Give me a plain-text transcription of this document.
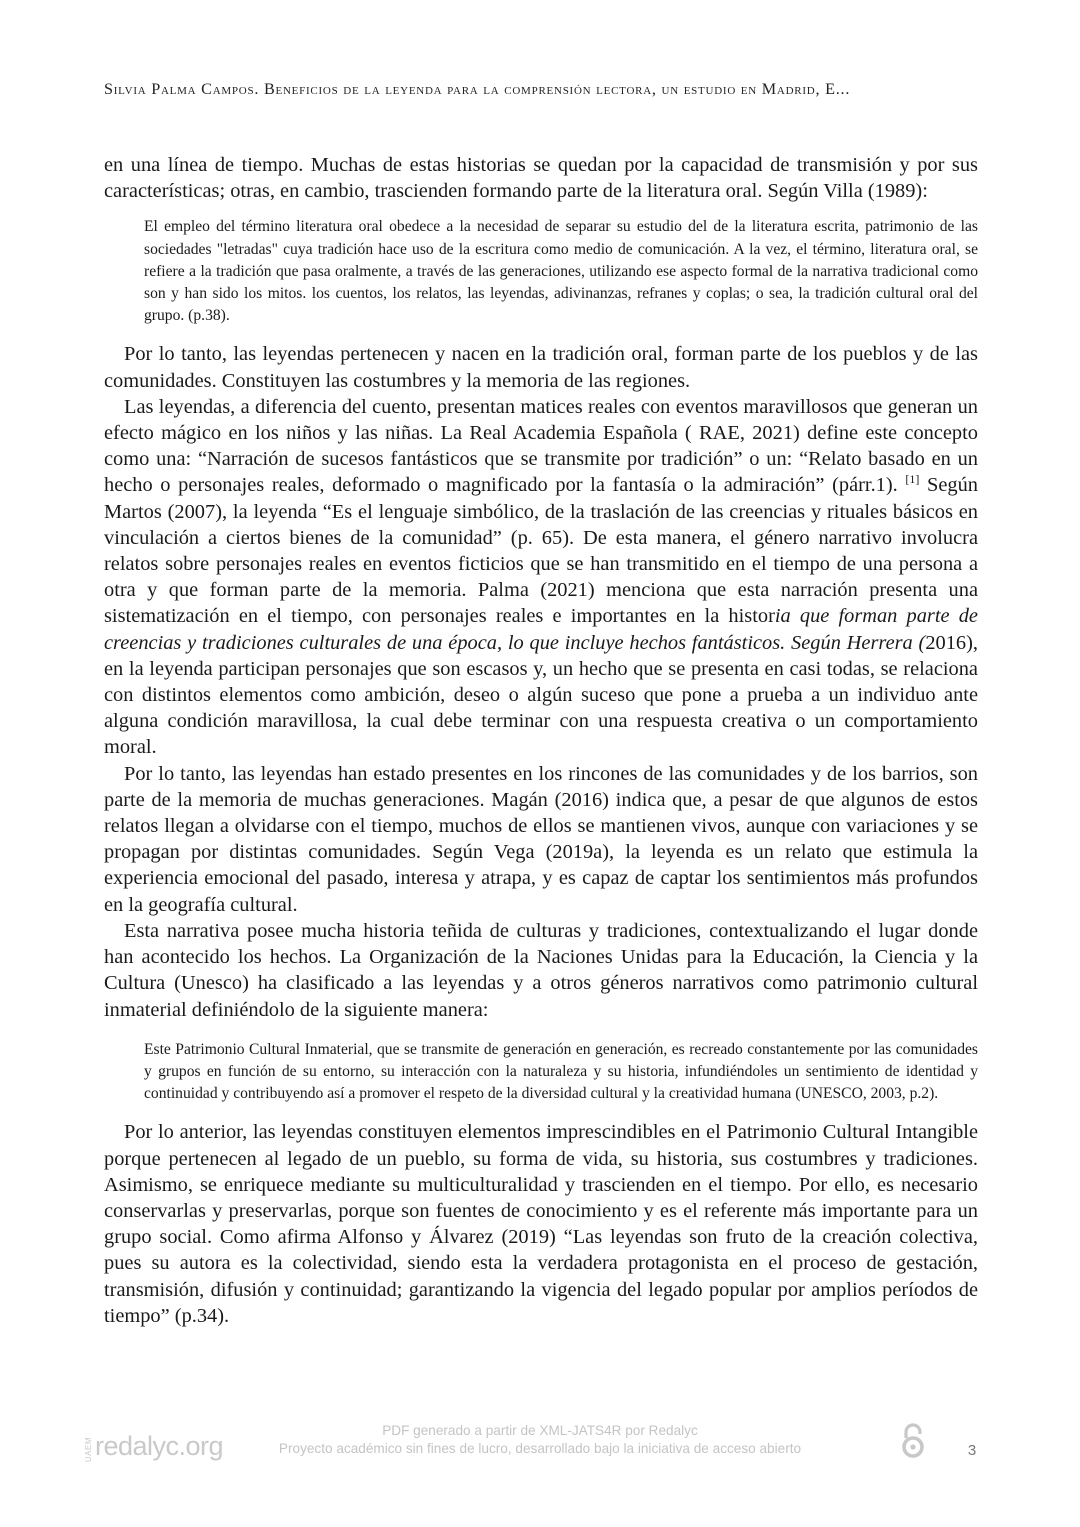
Silvia Palma Campos. Beneficios de la leyenda para la comprensión lectora, un estudio en Madrid, E...

en una línea de tiempo. Muchas de estas historias se quedan por la capacidad de transmisión y por sus características; otras, en cambio, trascienden formando parte de la literatura oral. Según Villa (1989):

El empleo del término literatura oral obedece a la necesidad de separar su estudio del de la literatura escrita, patrimonio de las sociedades "letradas" cuya tradición hace uso de la escritura como medio de comunicación. A la vez, el término, literatura oral, se refiere a la tradición que pasa oralmente, a través de las generaciones, utilizando ese aspecto formal de la narrativa tradicional como son y han sido los mitos. los cuentos, los relatos, las leyendas, adivinanzas, refranes y coplas; o sea, la tradición cultural oral del grupo. (p.38).

Por lo tanto, las leyendas pertenecen y nacen en la tradición oral, forman parte de los pueblos y de las comunidades. Constituyen las costumbres y la memoria de las regiones.

Las leyendas, a diferencia del cuento, presentan matices reales con eventos maravillosos que generan un efecto mágico en los niños y las niñas. La Real Academia Española ( RAE, 2021) define este concepto como una: “Narración de sucesos fantásticos que se transmite por tradición” o un: “Relato basado en un hecho o personajes reales, deformado o magnificado por la fantasía o la admiración” (párr.1). [1] Según Martos (2007), la leyenda “Es el lenguaje simbólico, de la traslación de las creencias y rituales básicos en vinculación a ciertos bienes de la comunidad” (p. 65). De esta manera, el género narrativo involucra relatos sobre personajes reales en eventos ficticios que se han transmitido en el tiempo de una persona a otra y que forman parte de la memoria. Palma (2021) menciona que esta narración presenta una sistematización en el tiempo, con personajes reales e importantes en la historia que forman parte de creencias y tradiciones culturales de una época, lo que incluye hechos fantásticos. Según Herrera (2016), en la leyenda participan personajes que son escasos y, un hecho que se presenta en casi todas, se relaciona con distintos elementos como ambición, deseo o algún suceso que pone a prueba a un individuo ante alguna condición maravillosa, la cual debe terminar con una respuesta creativa o un comportamiento moral.

Por lo tanto, las leyendas han estado presentes en los rincones de las comunidades y de los barrios, son parte de la memoria de muchas generaciones. Magán (2016) indica que, a pesar de que algunos de estos relatos llegan a olvidarse con el tiempo, muchos de ellos se mantienen vivos, aunque con variaciones y se propagan por distintas comunidades. Según Vega (2019a), la leyenda es un relato que estimula la experiencia emocional del pasado, interesa y atrapa, y es capaz de captar los sentimientos más profundos en la geografía cultural.

Esta narrativa posee mucha historia teñida de culturas y tradiciones, contextualizando el lugar donde han acontecido los hechos. La Organización de la Naciones Unidas para la Educación, la Ciencia y la Cultura (Unesco) ha clasificado a las leyendas y a otros géneros narrativos como patrimonio cultural inmaterial definiéndolo de la siguiente manera:

Este Patrimonio Cultural Inmaterial, que se transmite de generación en generación, es recreado constantemente por las comunidades y grupos en función de su entorno, su interacción con la naturaleza y su historia, infundiéndoles un sentimiento de identidad y continuidad y contribuyendo así a promover el respeto de la diversidad cultural y la creatividad humana (UNESCO, 2003, p.2).

Por lo anterior, las leyendas constituyen elementos imprescindibles en el Patrimonio Cultural Intangible porque pertenecen al legado de un pueblo, su forma de vida, su historia, sus costumbres y tradiciones. Asimismo, se enriquece mediante su multiculturalidad y trascienden en el tiempo. Por ello, es necesario conservarlas y preservarlas, porque son fuentes de conocimiento y es el referente más importante para un grupo social. Como afirma Alfonso y Álvarez (2019) “Las leyendas son fruto de la creación colectiva, pues su autora es la colectividad, siendo esta la verdadera protagonista en el proceso de gestación, transmisión, difusión y continuidad; garantizando la vigencia del legado popular por amplios períodos de tiempo” (p.34).

UAEM redalyc.org
PDF generado a partir de XML-JATS4R por Redalyc
Proyecto académico sin fines de lucro, desarrollado bajo la iniciativa de acceso abierto	3
